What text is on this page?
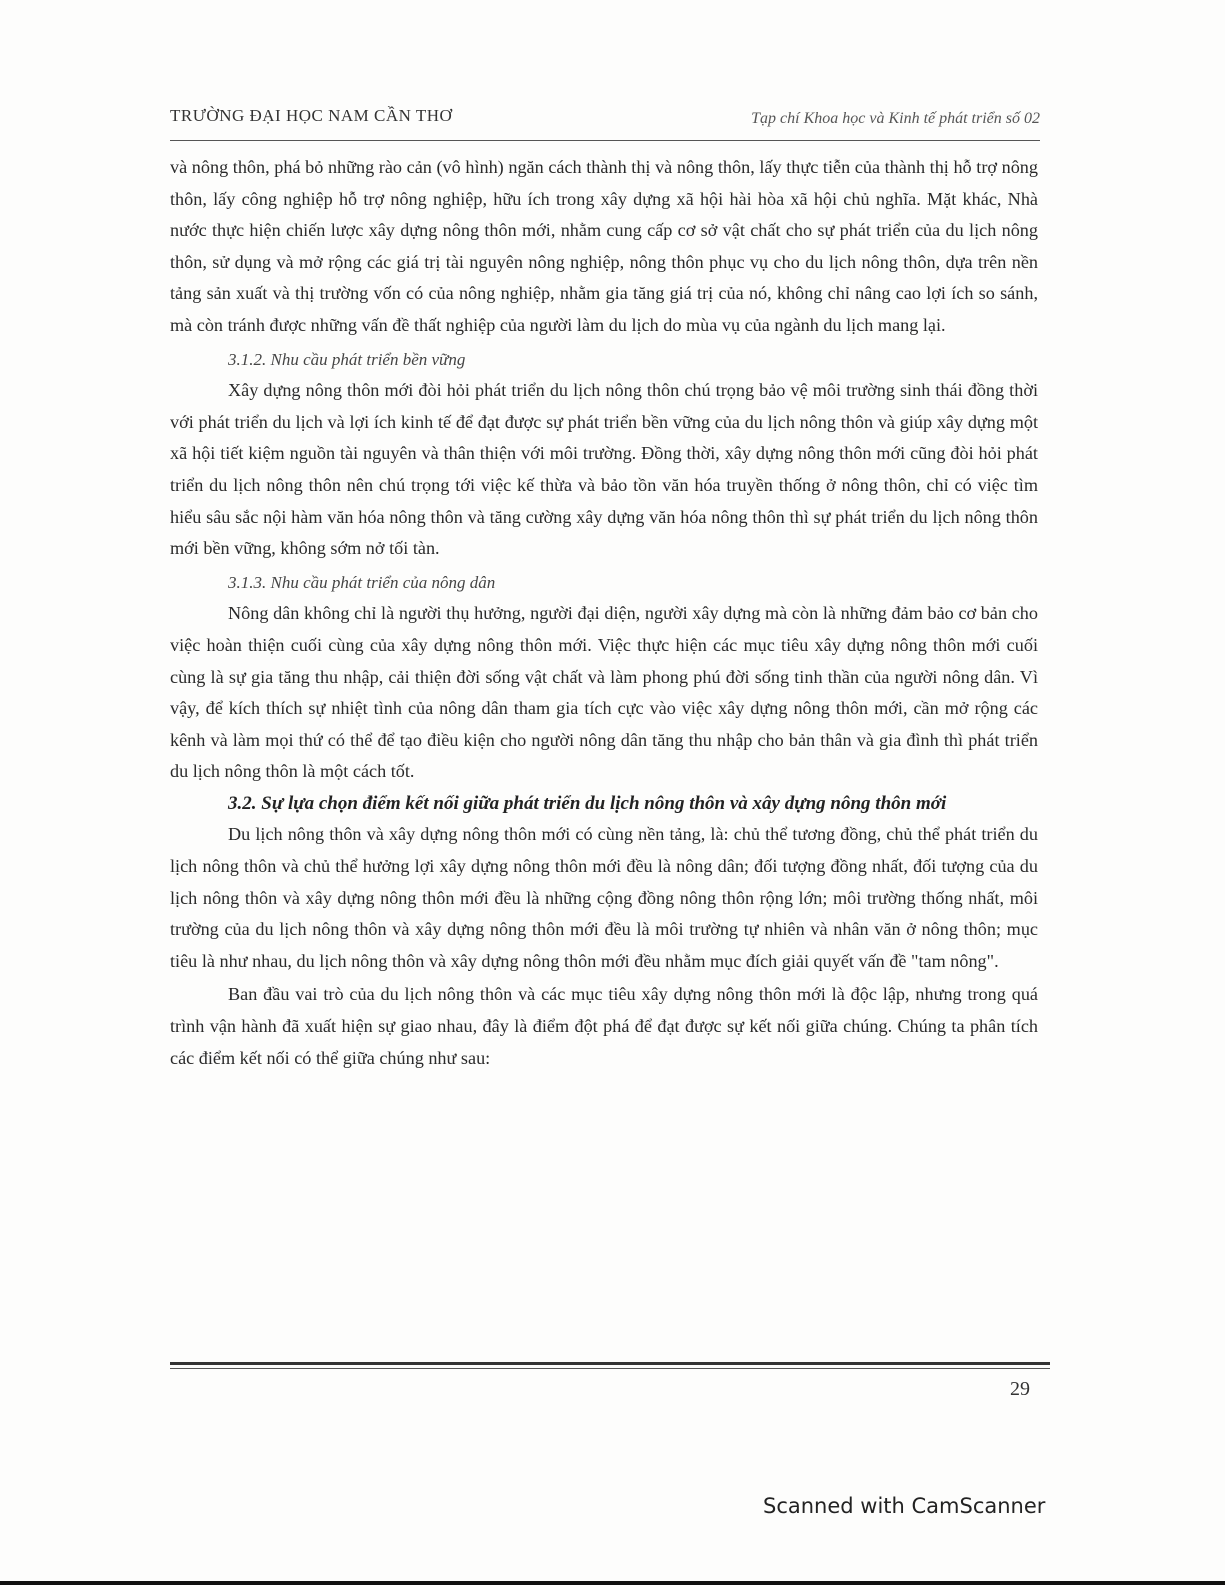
TRƯỜNG ĐẠI HỌC NAM CẦN THƠ	Tạp chí Khoa học và Kinh tế phát triển số 02

và nông thôn, phá bỏ những rào cản (vô hình) ngăn cách thành thị và nông thôn, lấy thực tiễn của thành thị hỗ trợ nông thôn, lấy công nghiệp hỗ trợ nông nghiệp, hữu ích trong xây dựng xã hội hài hòa xã hội chủ nghĩa. Mặt khác, Nhà nước thực hiện chiến lược xây dựng nông thôn mới, nhằm cung cấp cơ sở vật chất cho sự phát triển của du lịch nông thôn, sử dụng và mở rộng các giá trị tài nguyên nông nghiệp, nông thôn phục vụ cho du lịch nông thôn, dựa trên nền tảng sản xuất và thị trường vốn có của nông nghiệp, nhằm gia tăng giá trị của nó, không chỉ nâng cao lợi ích so sánh, mà còn tránh được những vấn đề thất nghiệp của người làm du lịch do mùa vụ của ngành du lịch mang lại.

3.1.2. Nhu cầu phát triển bền vững

Xây dựng nông thôn mới đòi hỏi phát triển du lịch nông thôn chú trọng bảo vệ môi trường sinh thái đồng thời với phát triển du lịch và lợi ích kinh tế để đạt được sự phát triển bền vững của du lịch nông thôn và giúp xây dựng một xã hội tiết kiệm nguồn tài nguyên và thân thiện với môi trường. Đồng thời, xây dựng nông thôn mới cũng đòi hỏi phát triển du lịch nông thôn nên chú trọng tới việc kế thừa và bảo tồn văn hóa truyền thống ở nông thôn, chỉ có việc tìm hiểu sâu sắc nội hàm văn hóa nông thôn và tăng cường xây dựng văn hóa nông thôn thì sự phát triển du lịch nông thôn mới bền vững, không sớm nở tối tàn.

3.1.3. Nhu cầu phát triển của nông dân

Nông dân không chỉ là người thụ hưởng, người đại diện, người xây dựng mà còn là những đảm bảo cơ bản cho việc hoàn thiện cuối cùng của xây dựng nông thôn mới. Việc thực hiện các mục tiêu xây dựng nông thôn mới cuối cùng là sự gia tăng thu nhập, cải thiện đời sống vật chất và làm phong phú đời sống tinh thần của người nông dân. Vì vậy, để kích thích sự nhiệt tình của nông dân tham gia tích cực vào việc xây dựng nông thôn mới, cần mở rộng các kênh và làm mọi thứ có thể để tạo điều kiện cho người nông dân tăng thu nhập cho bản thân và gia đình thì phát triển du lịch nông thôn là một cách tốt.

3.2. Sự lựa chọn điểm kết nối giữa phát triển du lịch nông thôn và xây dựng nông thôn mới

Du lịch nông thôn và xây dựng nông thôn mới có cùng nền tảng, là: chủ thể tương đồng, chủ thể phát triển du lịch nông thôn và chủ thể hưởng lợi xây dựng nông thôn mới đều là nông dân; đối tượng đồng nhất, đối tượng của du lịch nông thôn và xây dựng nông thôn mới đều là những cộng đồng nông thôn rộng lớn; môi trường thống nhất, môi trường của du lịch nông thôn và xây dựng nông thôn mới đều là môi trường tự nhiên và nhân văn ở nông thôn; mục tiêu là như nhau, du lịch nông thôn và xây dựng nông thôn mới đều nhằm mục đích giải quyết vấn đề "tam nông".

Ban đầu vai trò của du lịch nông thôn và các mục tiêu xây dựng nông thôn mới là độc lập, nhưng trong quá trình vận hành đã xuất hiện sự giao nhau, đây là điểm đột phá để đạt được sự kết nối giữa chúng. Chúng ta phân tích các điểm kết nối có thể giữa chúng như sau:

29
Scanned with CamScanner
